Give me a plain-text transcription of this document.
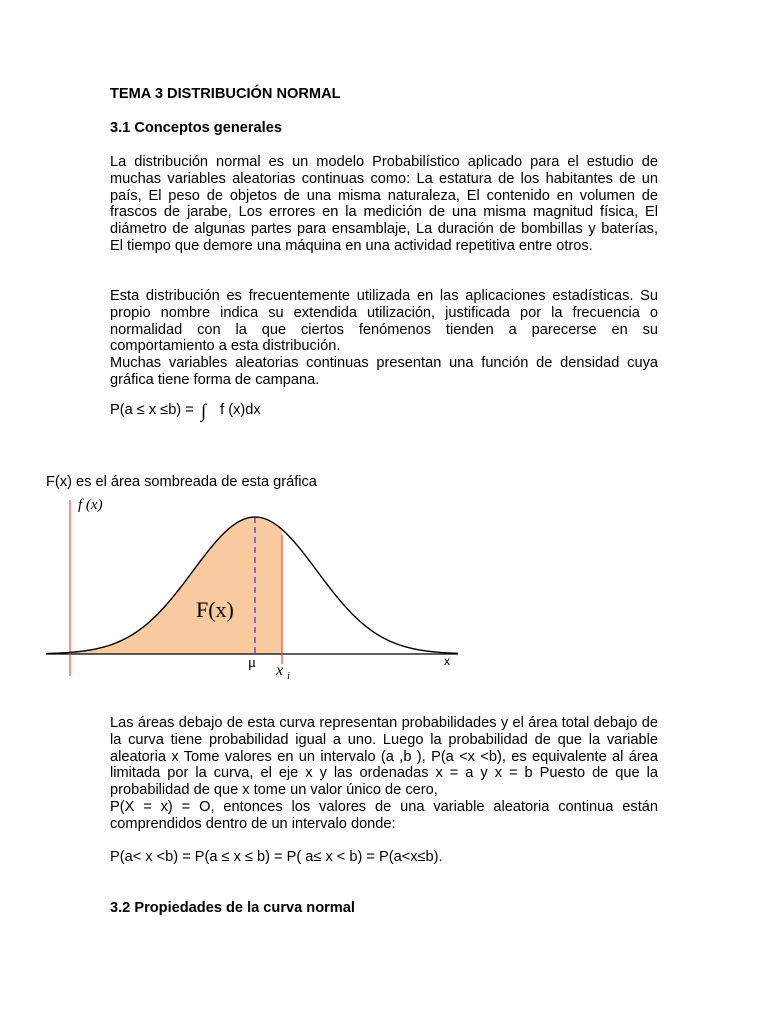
TEMA 3 DISTRIBUCIÓN NORMAL
3.1 Conceptos generales

La distribución normal es un modelo Probabilístico aplicado para el estudio de muchas variables aleatorias continuas como: La estatura de los habitantes de un país, El peso de objetos de una misma naturaleza, El contenido en volumen de frascos de jarabe, Los errores en la medición de una misma magnitud física, El diámetro de algunas partes para ensamblaje, La duración de bombillas y baterías, El tiempo que demore una máquina en una actividad repetitiva entre otros.

Esta distribución es frecuentemente utilizada en las aplicaciones estadísticas. Su propio nombre indica su extendida utilización, justificada por la frecuencia o normalidad con la que ciertos fenómenos tienden a parecerse en su comportamiento a esta distribución.

Muchas variables aleatorias continuas presentan una función de densidad cuya gráfica tiene forma de campana.

P(a ≤ x ≤b) = ∫ f (x)dx
F(x) es el área sombreada de esta gráfica
f (x)
F(x)
μ x $_i$
x

Las áreas debajo de esta curva representan probabilidades y el área total debajo de la curva tiene probabilidad igual a uno. Luego la probabilidad de que la variable aleatoria x Tome valores en un intervalo (a ,b ), P(a <x <b), es equivalente al área limitada por la curva, el eje x y las ordenadas x = a y x = b Puesto de que la probabilidad de que x tome un valor único de cero,
P(X = x) = O, entonces los valores de una variable aleatoria continua están comprendidos dentro de un intervalo donde:

P(a< x <b) = P(a ≤ x ≤ b) = P( a≤ x < b) = P(a<x≤b).
3.2 Propiedades de la curva normal
